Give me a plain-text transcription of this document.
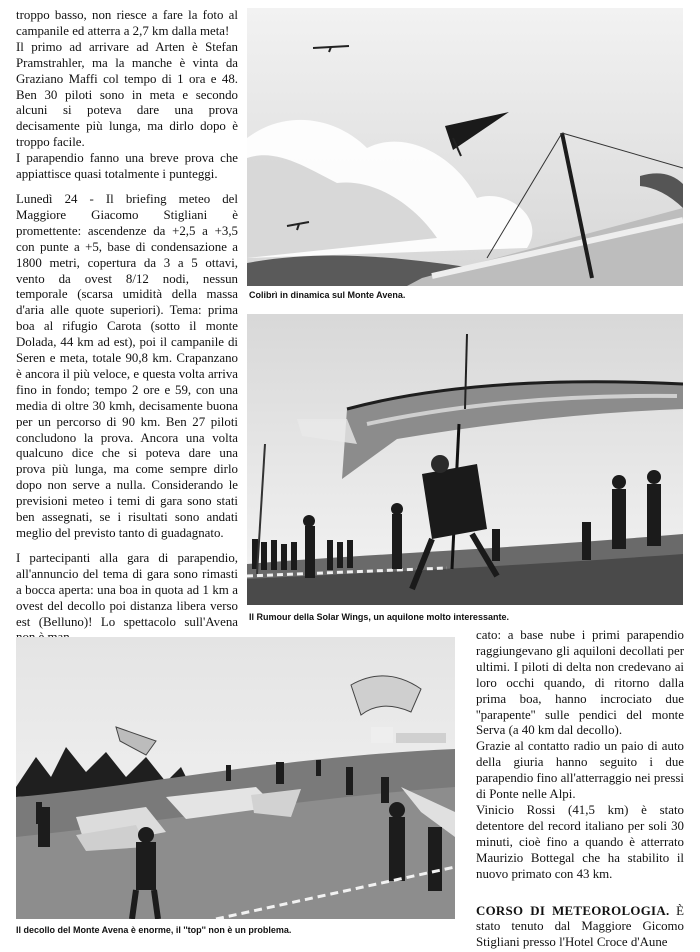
troppo basso, non riesce a fare la foto al campanile ed atterra a 2,7 km dalla meta!

Il primo ad arrivare ad Arten è Stefan Pramstrahler, ma la manche è vinta da Graziano Maffi col tempo di 1 ora e 48. Ben 30 piloti sono in meta e secondo alcuni si poteva dare una prova decisamente più lunga, ma dirlo dopo è troppo facile.

I parapendio fanno una breve prova che appiattisce quasi totalmente i punteggi.

Lunedì 24 - Il briefing meteo del Maggiore Giacomo Stigliani è promettente: ascendenze da +2,5 a +3,5 con punte a +5, base di condensazione a 1800 metri, copertura da 3 a 5 ottavi, vento da ovest 8/12 nodi, nessun temporale (scarsa umidità della massa d'aria alle quote superiori). Tema: prima boa al rifugio Carota (sotto il monte Dolada, 44 km ad est), poi il campanile di Seren e meta, totale 90,8 km. Crapanzano è ancora il più veloce, e questa volta arriva fino in fondo; tempo 2 ore e 59, con una media di oltre 30 kmh, decisamente buona per un percorso di 90 km. Ben 27 piloti concludono la prova. Ancora una volta qualcuno dice che si poteva dare una prova più lunga, ma come sempre dirlo dopo non serve a nulla. Considerando le previsioni meteo i temi di gara sono stati ben assegnati, se i risultati sono andati meglio del previsto tanto di guadagnato.

I partecipanti alla gara di parapendio, all'annuncio del tema di gara sono rimasti a bocca aperta: una boa in quota ad 1 km a ovest del decollo poi distanza libera verso est (Belluno)! Lo spettacolo sull'Avena

Colibrì in dinamica sul Monte Avena.
Il Rumour della Solar Wings, un aquilone molto interessante.
Il decollo del Monte Avena è enorme, il ''top'' non è un problema.

cato: a base nube i primi parapendio raggiungevano gli aquiloni decollati per ultimi. I piloti di delta non credevano ai loro occhi quando, di ritorno dalla prima boa, hanno incrociato due ''parapente'' sulle pendici del monte Serva (a 40 km dal decollo).

Grazie al contatto radio un paio di auto della giuria hanno seguito i due parapendio fino all'atterraggio nei pressi di Ponte nelle Alpi.

Vinicio Rossi (41,5 km) è stato detentore del record italiano per soli 30 minuti, cioè fino a quando è atterrato Maurizio Bottegal che ha stabilito il nuovo primato con 43 km.

CORSO DI METEOROLOGIA. È stato tenuto dal Maggiore Gicomo Stigliani presso l'Hotel Croce d'Aune
